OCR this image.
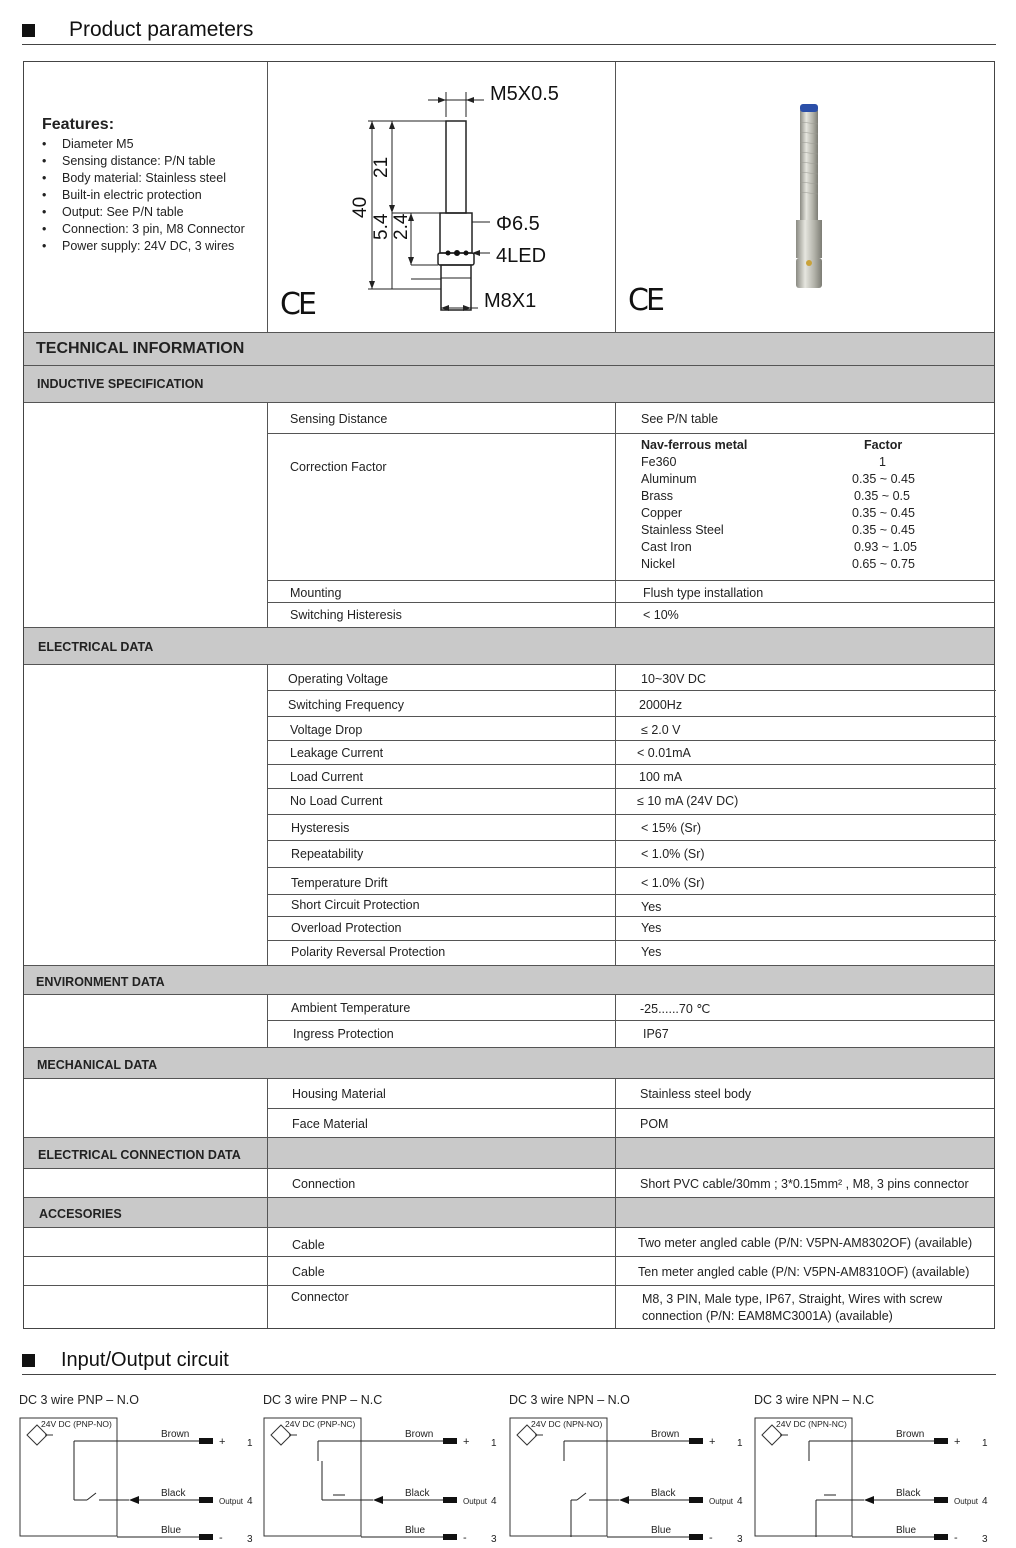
Product parameters
Features:
• Diameter M5
• Sensing distance: P/N table
• Body material: Stainless steel
• Built-in electric protection
• Output: See P/N table
• Connection: 3 pin, M8 Connector
• Power supply: 24V DC, 3 wires
M5X0.5
Φ6.5
4LED
M8X1
40
21
5.4 2.4
CE	CE
TECHNICAL INFORMATION
INDUCTIVE SPECIFICATION
Sensing Distance	See P/N table
Correction Factor
Nav-ferrous metal	Factor
Fe360	1
Aluminum	0.35 ~ 0.45
Brass	0.35 ~ 0.5
Copper	0.35 ~ 0.45
Stainless Steel	0.35 ~ 0.45
Cast Iron	0.93 ~ 1.05
Nickel	0.65 ~ 0.75
Mounting	Flush type installation
Switching Histeresis	< 10%
ELECTRICAL DATA
Operating Voltage	10~30V DC
Switching Frequency	2000Hz
Voltage Drop	≤ 2.0 V
Leakage Current	< 0.01mA
Load Current	100 mA
No Load Current	≤ 10 mA (24V DC)
Hysteresis	< 15% (Sr)
Repeatability	< 1.0% (Sr)
Temperature Drift	< 1.0% (Sr)
Short Circuit Protection	Yes
Overload Protection	Yes
Polarity Reversal Protection	Yes
ENVIRONMENT DATA
Ambient Temperature	-25......70 ℃
Ingress Protection	IP67
MECHANICAL DATA
Housing Material	Stainless steel body
Face Material	POM
ELECTRICAL CONNECTION DATA
Connection	Short PVC cable/30mm ; 3*0.15mm² , M8, 3 pins connector
ACCESORIES
Cable	Two meter angled cable (P/N: V5PN-AM8302OF) (available)
Cable	Ten meter angled cable (P/N: V5PN-AM8310OF) (available)
Connector	M8, 3 PIN, Male type, IP67, Straight, Wires with screw
connection (P/N: EAM8MC3001A) (available)
Input/Output circuit
DC 3 wire PNP – N.O
24V DC (PNP-NO)
Brown
Black
Blue
+
-
Output
1
4
3
DC 3 wire PNP – N.C
24V DC (PNP-NC)
Brown
Black
Blue
+
-
Output
1
4
3
DC 3 wire NPN – N.O
24V DC (NPN-NO)
Brown
Black
Blue
+
-
Output
1
4
3
DC 3 wire NPN – N.C
24V DC (NPN-NC)
Brown
Black
Blue
+
-
Output
1
4
3
